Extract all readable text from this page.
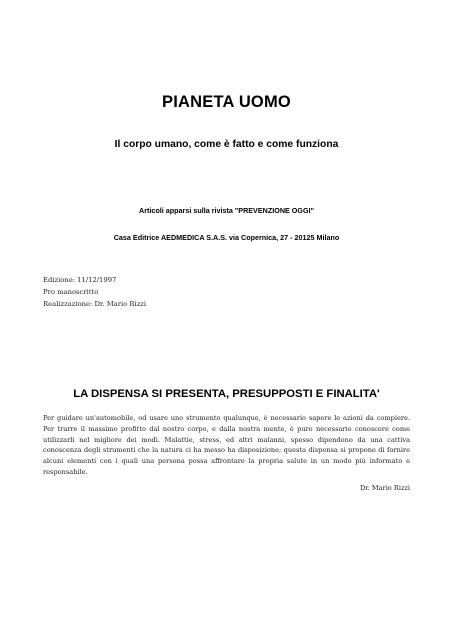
PIANETA UOMO
Il corpo umano, come è fatto e come funziona
Articoli apparsi sulla rivista "PREVENZIONE OGGI"
Casa Editrice AEDMEDICA S.A.S. via Copernica, 27 - 20125 Milano
Edizione: 11/12/1997
Pro manoscritto
Realizzazione: Dr. Mario Rizzi
LA DISPENSA SI PRESENTA, PRESUPPOSTI E FINALITA'
Per guidare un'automobile, od usare uno strumento qualunque, è necessario sapere le azioni da compiere. Per trarre il massimo profitto dal nostro corpo, e dalla nostra mente, è pure necessario conoscere come utilizzarli nel migliore dei modi. Malattie, stress, ed altri malanni, spesso dipendono da una cattiva conoscenza degli strumenti che la natura ci ha messo ha disposizione; questa dispensa si propone di fornire alcuni elementi con i quali una persona possa affrontare la propria salute in un modo più informato e responsabile.
Dr. Mario Rizzi
